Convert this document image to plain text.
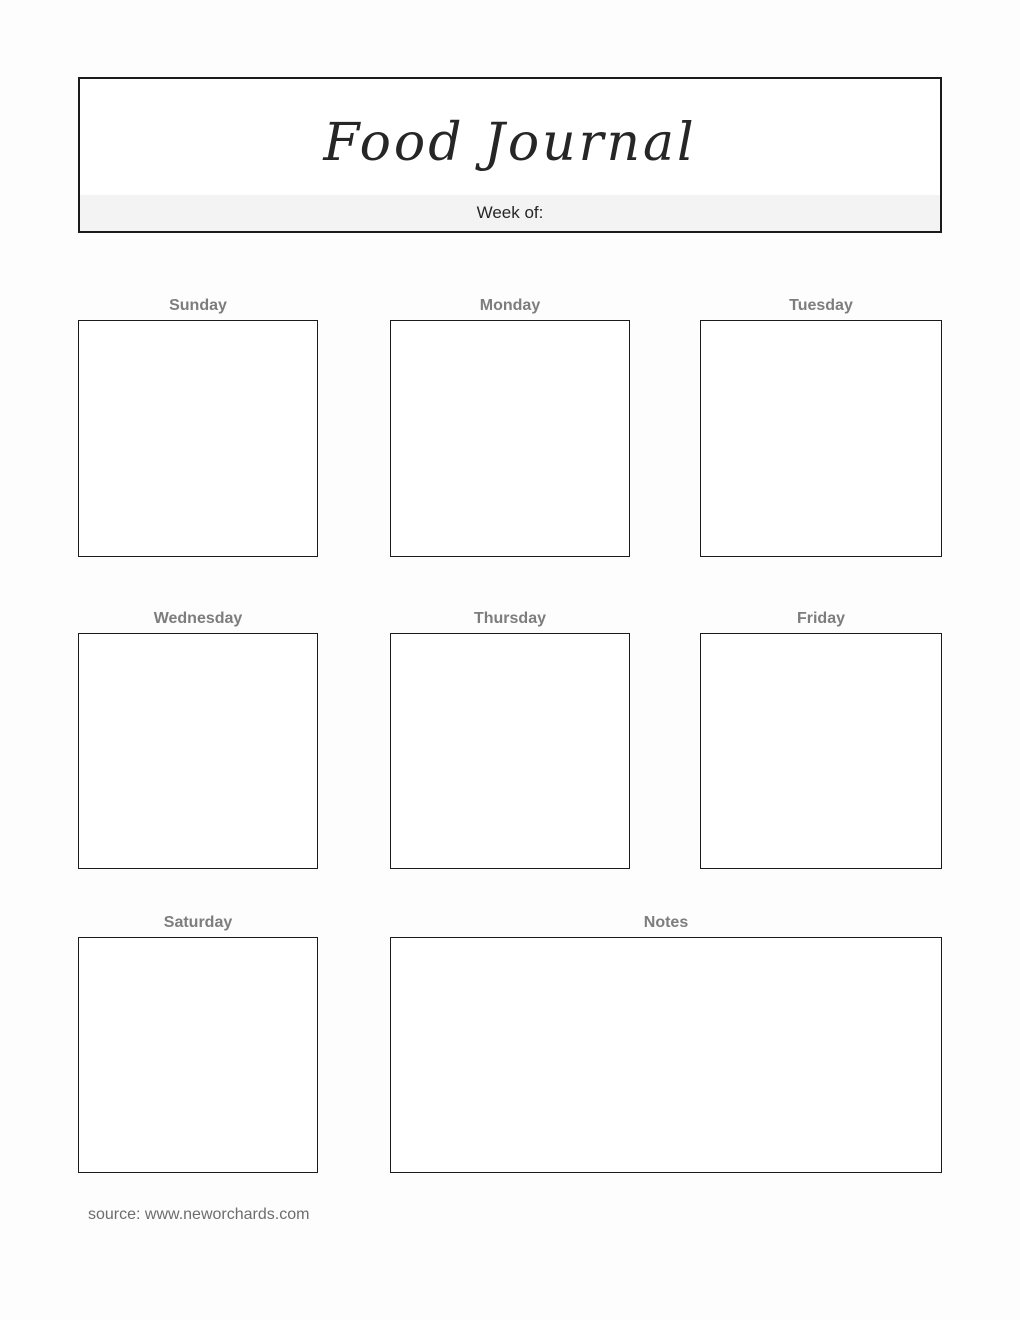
Food Journal
Week of:
Sunday	Monday	Tuesday
Wednesday	Thursday	Friday
Saturday	Notes
source: www.neworchards.com
